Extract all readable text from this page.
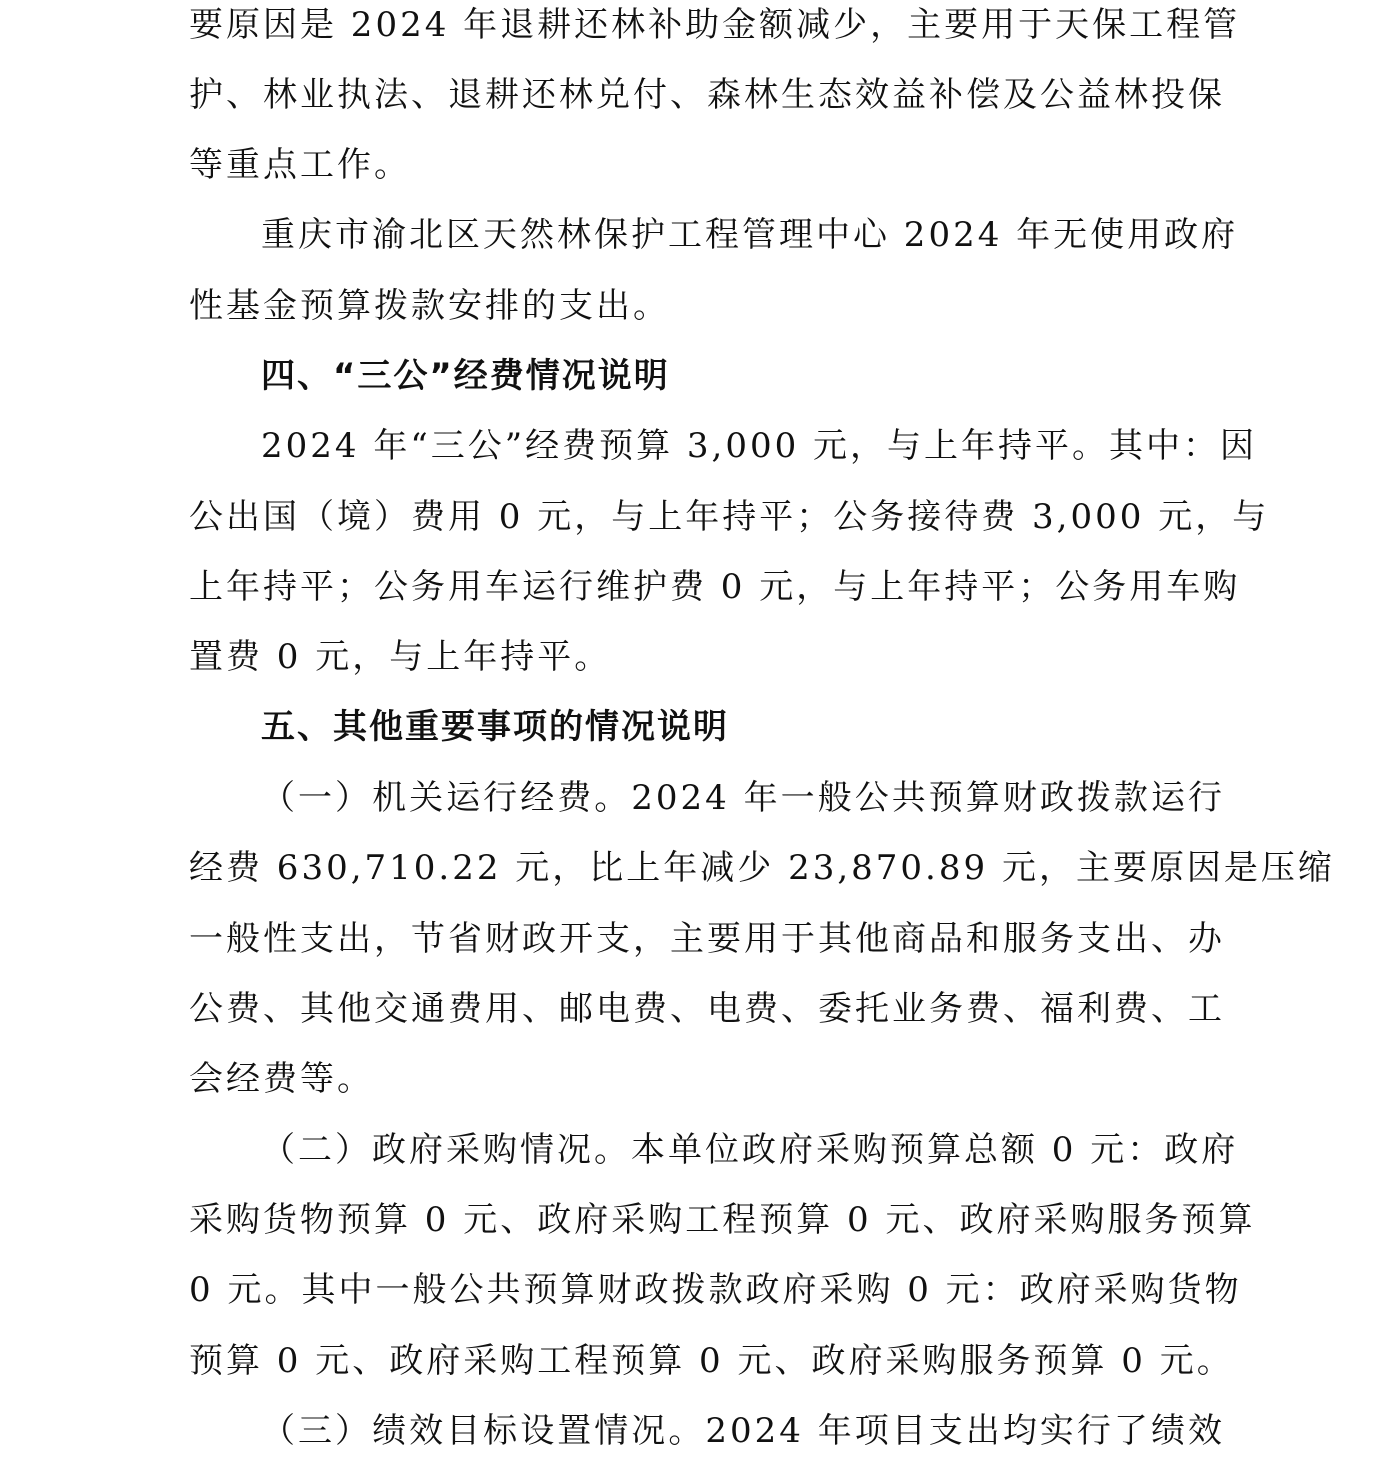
要原因是 2024 年退耕还林补助金额减少，主要用于天保工程管
护、林业执法、退耕还林兑付、森林生态效益补偿及公益林投保
等重点工作。
重庆市渝北区天然林保护工程管理中心 2024 年无使用政府
性基金预算拨款安排的支出。
四、“三公”经费情况说明
2024 年“三公”经费预算 3,000 元，与上年持平。其中：因
公出国（境）费用 0 元，与上年持平；公务接待费 3,000 元，与
上年持平；公务用车运行维护费 0 元，与上年持平；公务用车购
置费 0 元，与上年持平。
五、其他重要事项的情况说明
（一）机关运行经费。2024 年一般公共预算财政拨款运行
经费 630,710.22 元，比上年减少 23,870.89 元，主要原因是压缩
一般性支出，节省财政开支，主要用于其他商品和服务支出、办
公费、其他交通费用、邮电费、电费、委托业务费、福利费、工
会经费等。
（二）政府采购情况。本单位政府采购预算总额 0 元：政府
采购货物预算 0 元、政府采购工程预算 0 元、政府采购服务预算
0 元。其中一般公共预算财政拨款政府采购 0 元：政府采购货物
预算 0 元、政府采购工程预算 0 元、政府采购服务预算 0 元。
（三）绩效目标设置情况。2024 年项目支出均实行了绩效
